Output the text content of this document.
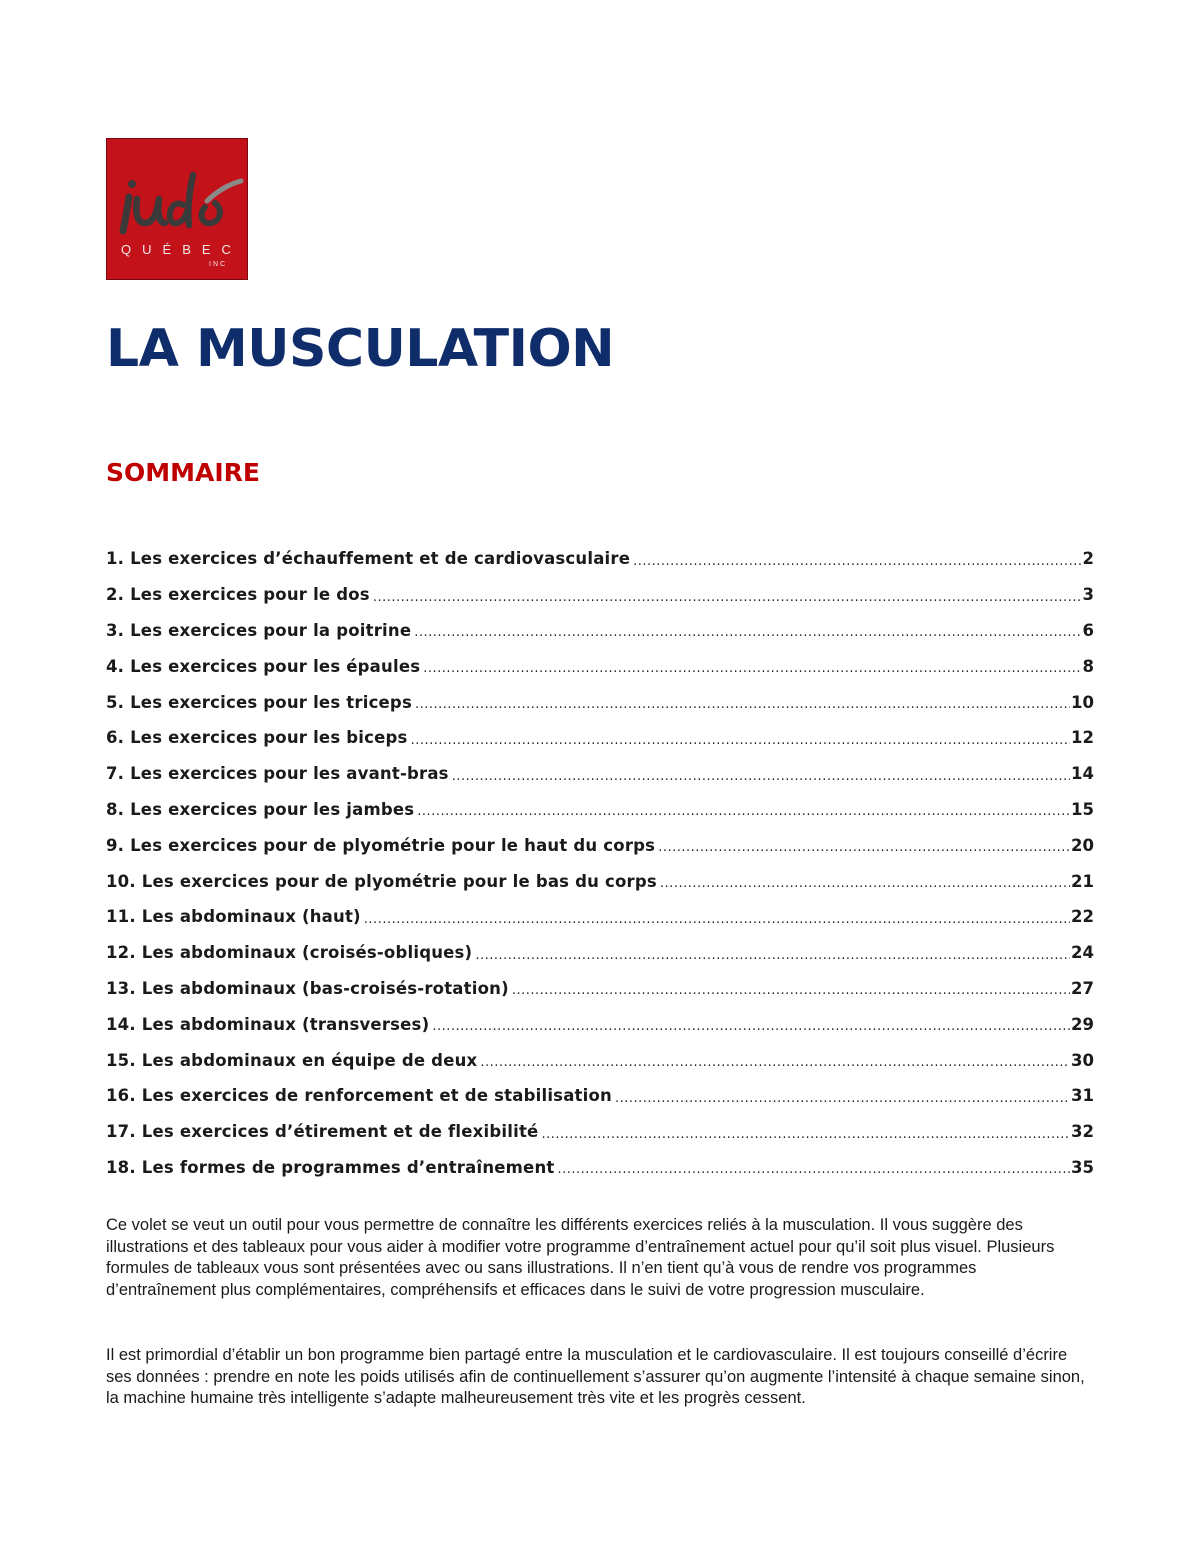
QUÉBEC
INC
LA MUSCULATION
SOMMAIRE
1. Les exercices d’échauffement et de cardiovasculaire .....	2
2. Les exercices pour le dos .....	3
3. Les exercices pour la poitrine .....	6
4. Les exercices pour les épaules .....	8
5. Les exercices pour les triceps .....	10
6. Les exercices pour les biceps .....	12
7. Les exercices pour les avant-bras .....	14
8. Les exercices pour les jambes .....	15
9. Les exercices pour de plyométrie pour le haut du corps .....	20
10. Les exercices pour de plyométrie pour le bas du corps .....	21
11. Les abdominaux (haut) .....	22
12. Les abdominaux (croisés-obliques) .....	24
13. Les abdominaux (bas-croisés-rotation) .....	27
14. Les abdominaux (transverses) .....	29
15. Les abdominaux en équipe de deux .....	30
16. Les exercices de renforcement et de stabilisation .....	31
17. Les exercices d’étirement et de flexibilité .....	32
18. Les formes de programmes d’entraînement .....	35

Ce volet se veut un outil pour vous permettre de connaître les différents exercices reliés à la musculation. Il vous suggère des illustrations et des tableaux pour vous aider à modifier votre programme d’entraînement actuel pour qu’il soit plus visuel. Plusieurs formules de tableaux vous sont présentées avec ou sans illustrations. Il n’en tient qu’à vous de rendre vos programmes d’entraînement plus complémentaires, compréhensifs et efficaces dans le suivi de votre progression musculaire.

Il est primordial d’établir un bon programme bien partagé entre la musculation et le cardiovasculaire. Il est toujours conseillé d’écrire ses données : prendre en note les poids utilisés afin de continuellement s’assurer qu’on augmente l’intensité à chaque semaine sinon, la machine humaine très intelligente s’adapte malheureusement très vite et les progrès cessent.
